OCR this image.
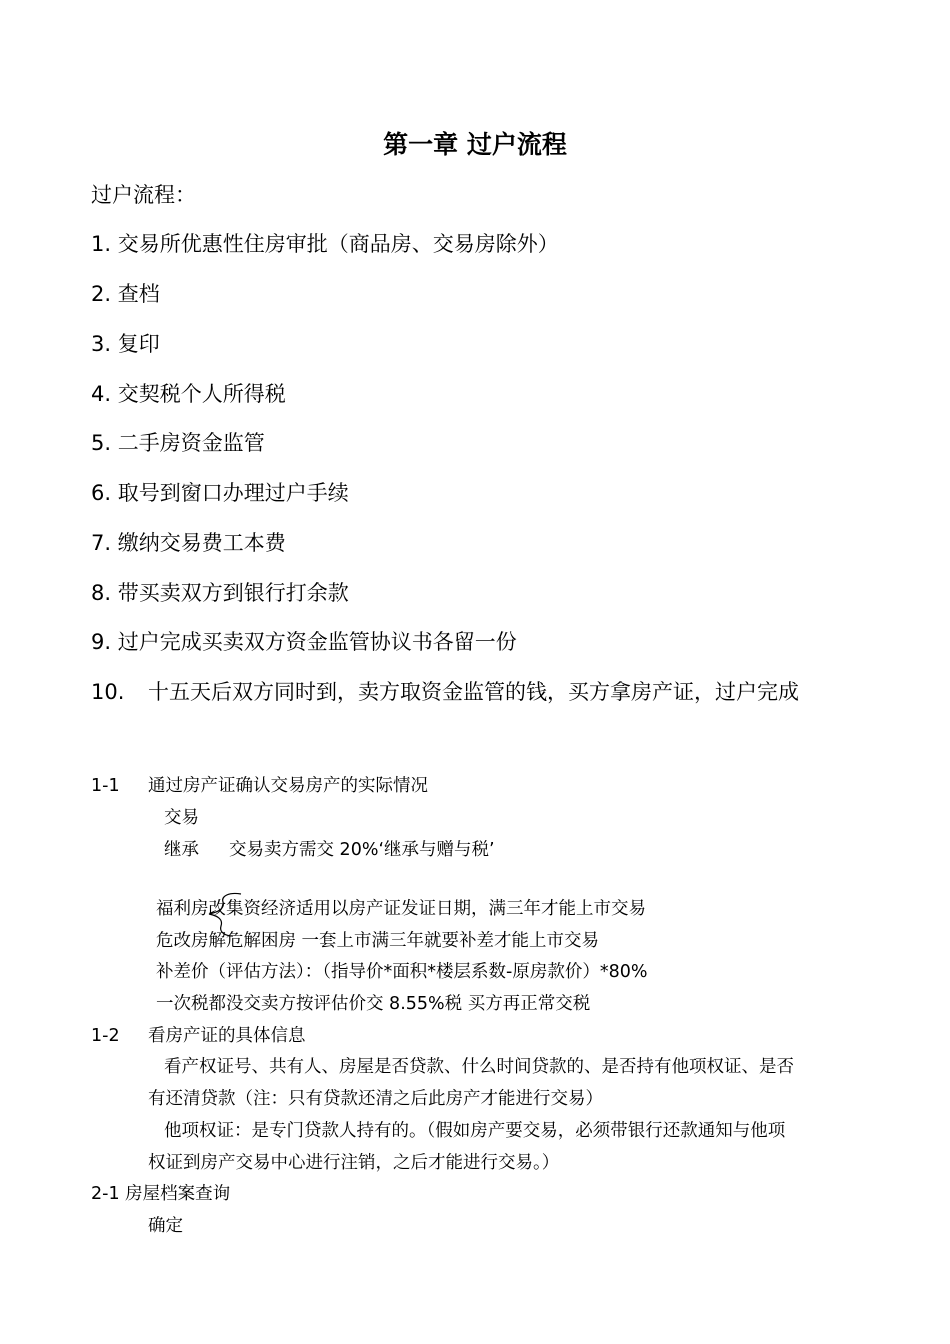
第一章 过户流程
过户流程：
1. 交易所优惠性住房审批（商品房、交易房除外）
2. 查档
3. 复印
4. 交契税个人所得税
5. 二手房资金监管
6. 取号到窗口办理过户手续
7. 缴纳交易费工本费
8. 带买卖双方到银行打余款
9. 过户完成买卖双方资金监管协议书各留一份
10. 十五天后双方同时到，卖方取资金监管的钱，买方拿房产证，过户完成
1-1 通过房产证确认交易房产的实际情况
交易
继承 交易卖方需交 20%‘继承与赠与税’
福利房改集资经济适用以房产证发证日期，满三年才能上市交易
危改房解危解困房 一套上市满三年就要补差才能上市交易
补差价（评估方法）：（指导价*面积*楼层系数-原房款价）*80%
一次税都没交卖方按评估价交 8.55%税 买方再正常交税
1-2 看房产证的具体信息
看产权证号、共有人、房屋是否贷款、什么时间贷款的、是否持有他项权证、是否
有还清贷款（注：只有贷款还清之后此房产才能进行交易）
他项权证：是专门贷款人持有的。（假如房产要交易，必须带银行还款通知与他项
权证到房产交易中心进行注销，之后才能进行交易。）
2-1 房屋档案查询
确定
